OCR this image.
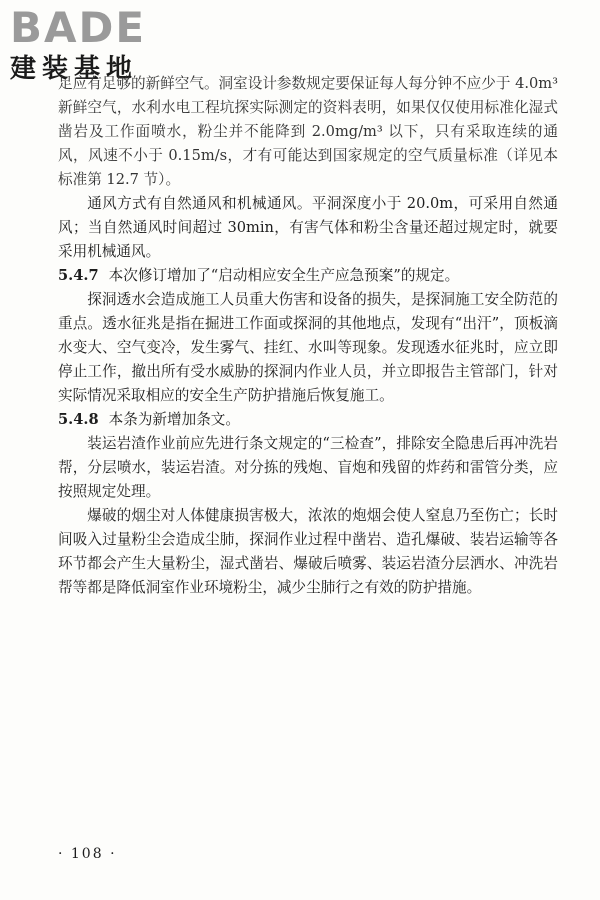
BADE
建装基地

足应有足够的新鲜空气。洞室设计参数规定要保证每人每分钟不应少于 4.0m³ 新鲜空气，水利水电工程坑探实际测定的资料表明，如果仅仅使用标准化湿式凿岩及工作面喷水，粉尘并不能降到 2.0mg/m³ 以下，只有采取连续的通风，风速不小于 0.15m/s，才有可能达到国家规定的空气质量标准（详见本标准第 12.7 节）。

通风方式有自然通风和机械通风。平洞深度小于 20.0m，可采用自然通风；当自然通风时间超过 30min，有害气体和粉尘含量还超过规定时，就要采用机械通风。

5.4.7 本次修订增加了“启动相应安全生产应急预案”的规定。

探洞透水会造成施工人员重大伤害和设备的损失，是探洞施工安全防范的重点。透水征兆是指在掘进工作面或探洞的其他地点，发现有“出汗”，顶板滴水变大、空气变冷，发生雾气、挂红、水叫等现象。发现透水征兆时，应立即停止工作，撤出所有受水威胁的探洞内作业人员，并立即报告主管部门，针对实际情况采取相应的安全生产防护措施后恢复施工。

5.4.8 本条为新增加条文。

装运岩渣作业前应先进行条文规定的“三检查”，排除安全隐患后再冲洗岩帮，分层喷水，装运岩渣。对分拣的残炮、盲炮和残留的炸药和雷管分类，应按照规定处理。

爆破的烟尘对人体健康损害极大，浓浓的炮烟会使人窒息乃至伤亡；长时间吸入过量粉尘会造成尘肺，探洞作业过程中凿岩、造孔爆破、装岩运输等各环节都会产生大量粉尘，湿式凿岩、爆破后喷雾、装运岩渣分层洒水、冲洗岩帮等都是降低洞室作业环境粉尘，减少尘肺行之有效的防护措施。

· 108 ·
